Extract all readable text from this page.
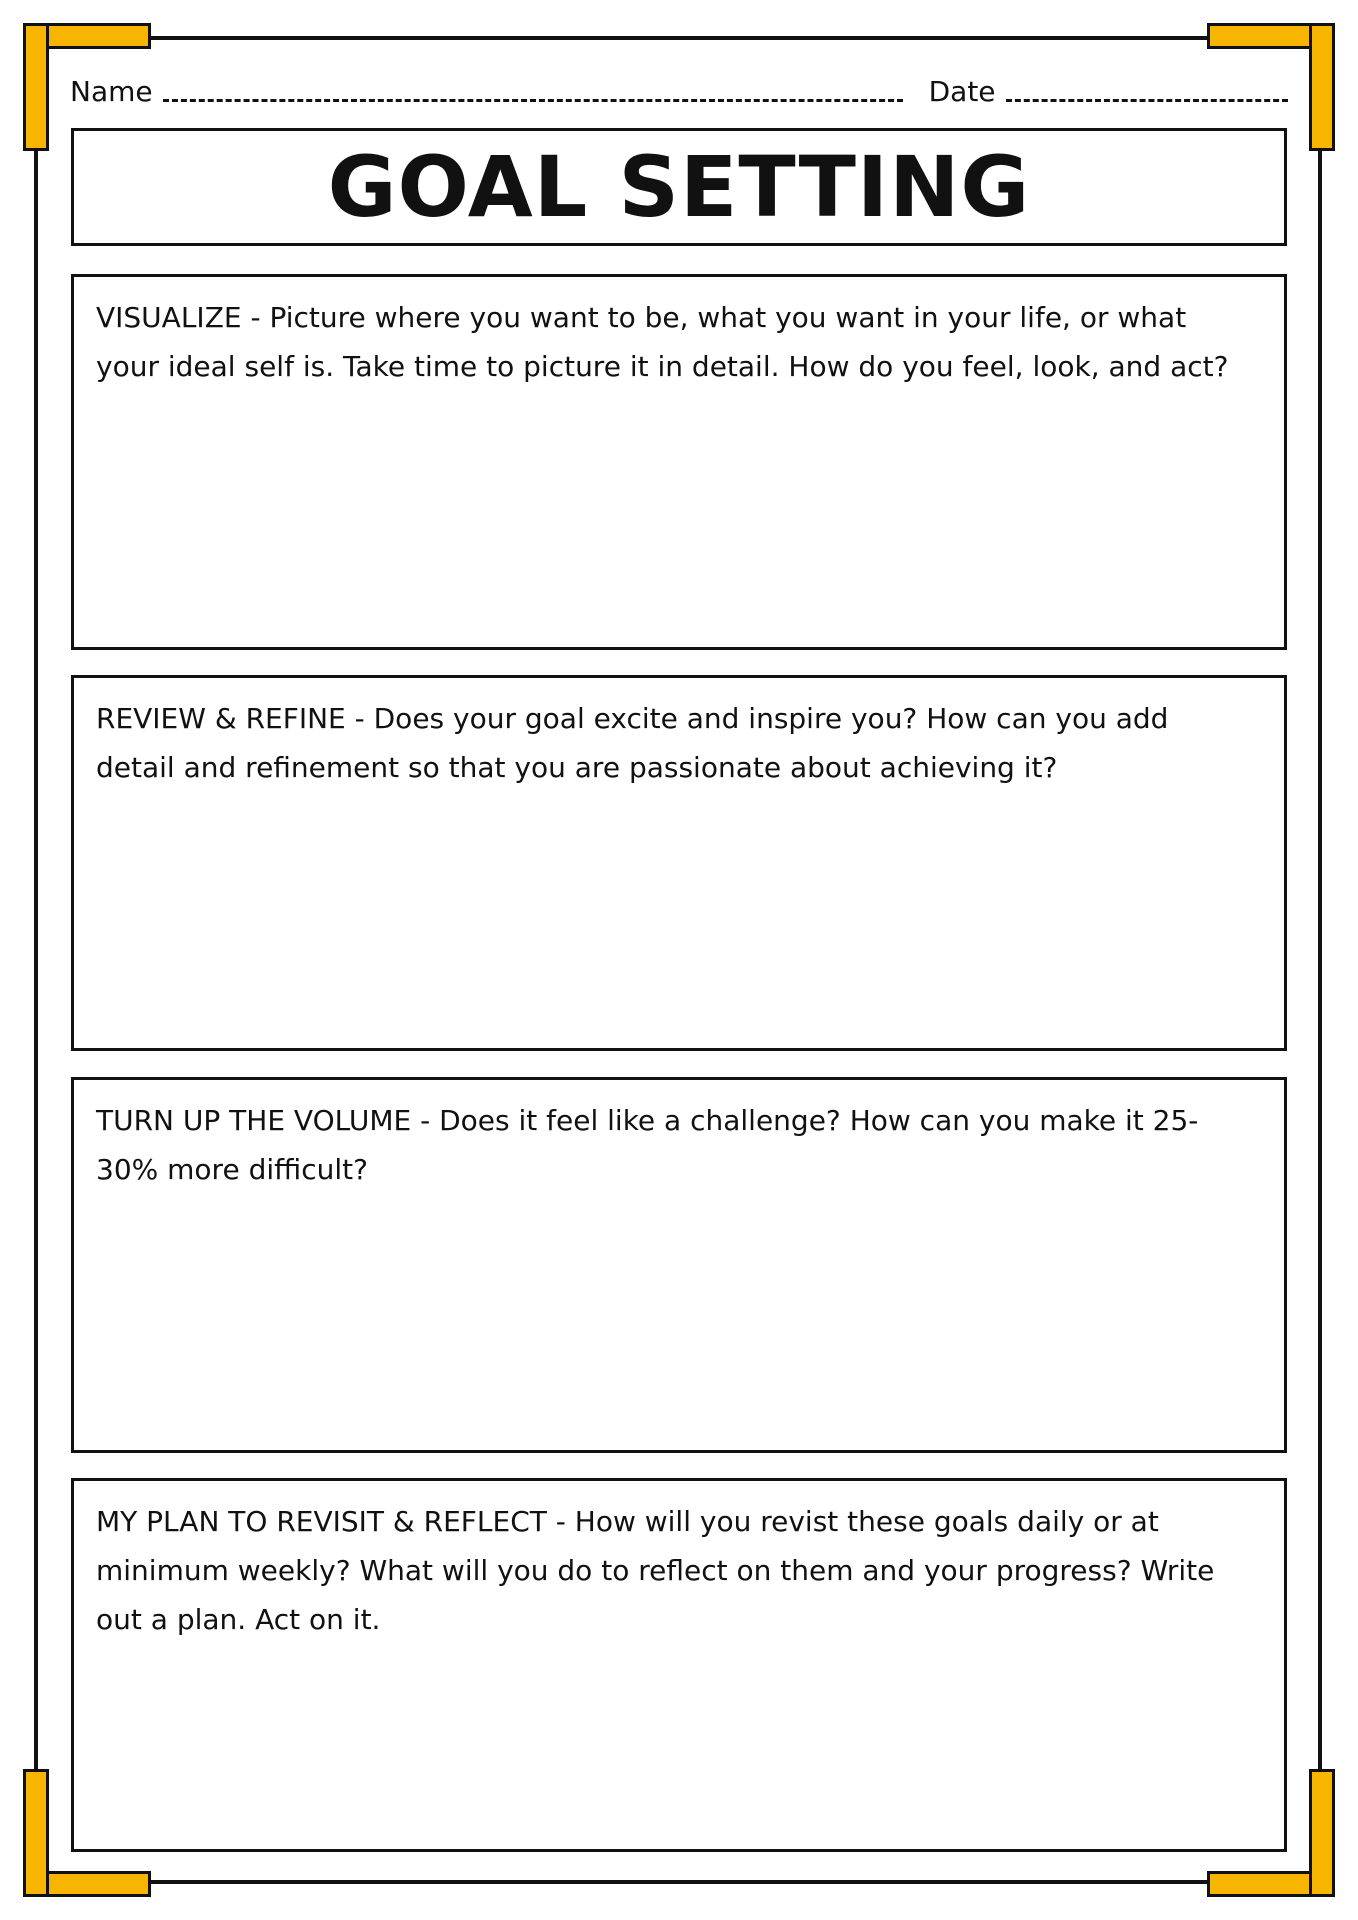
Name	Date
GOAL SETTING

VISUALIZE - Picture where you want to be, what you want in your life, or what your ideal self is. Take time to picture it in detail. How do you feel, look, and act?

REVIEW & REFINE - Does your goal excite and inspire you? How can you add detail and refinement so that you are passionate about achieving it?

TURN UP THE VOLUME - Does it feel like a challenge? How can you make it 25-30% more difficult?

MY PLAN TO REVISIT & REFLECT - How will you revist these goals daily or at minimum weekly? What will you do to reflect on them and your progress? Write out a plan. Act on it.
